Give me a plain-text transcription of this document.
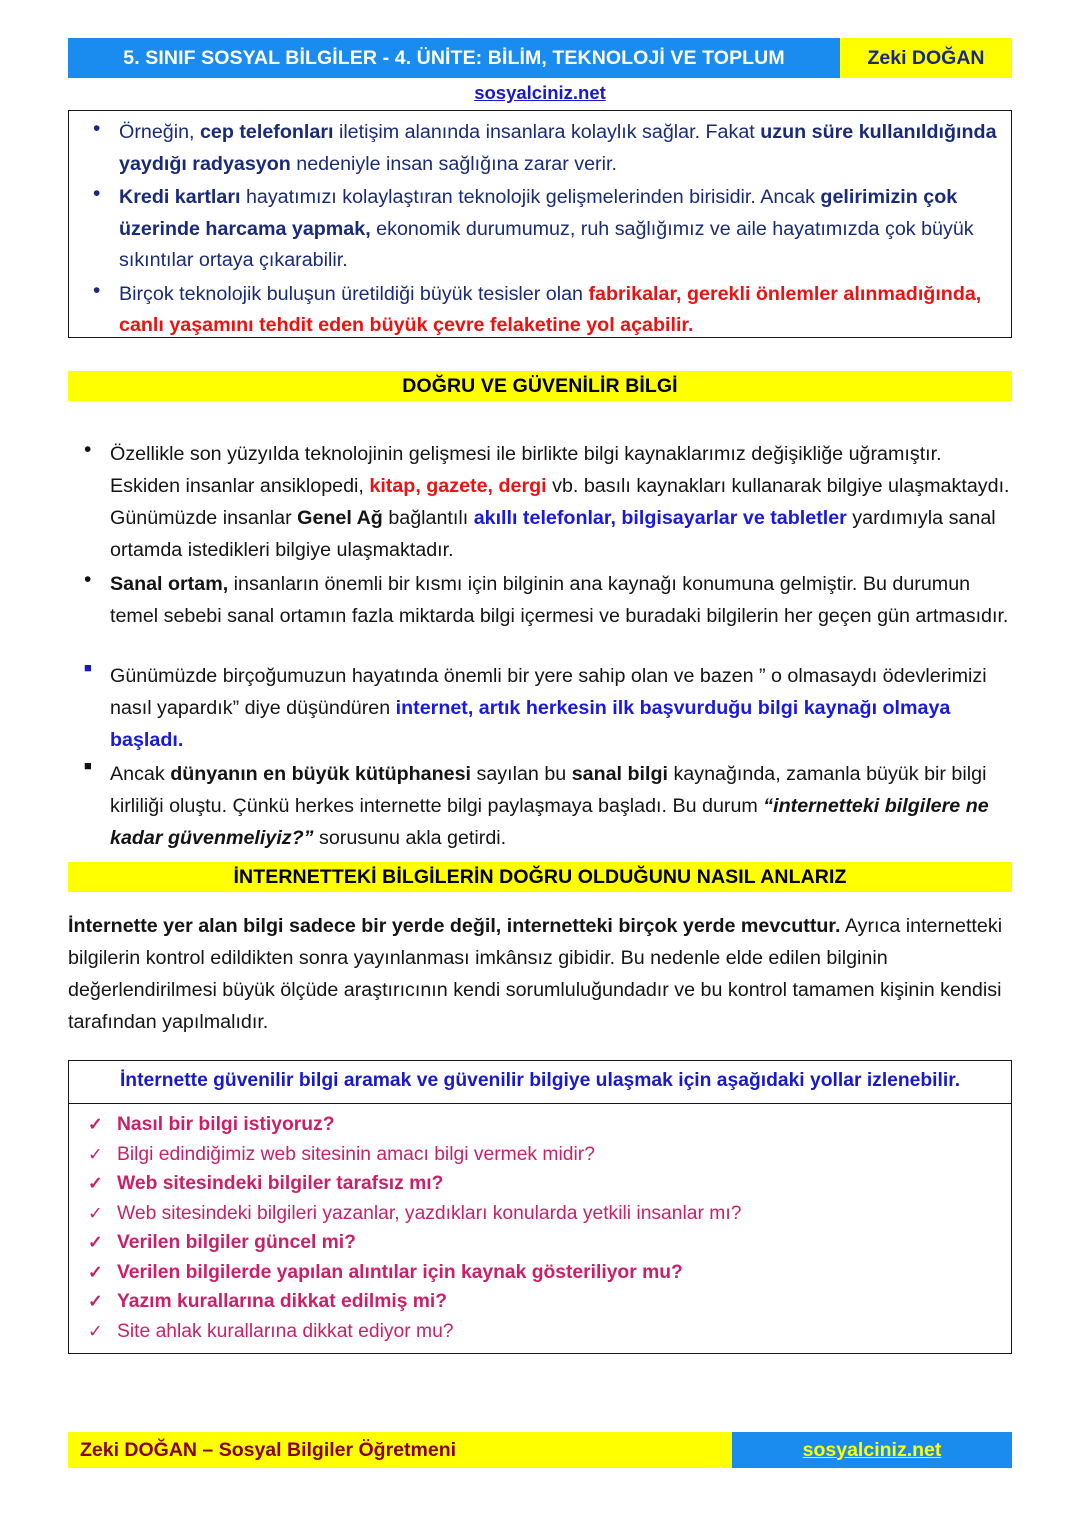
5. SINIF SOSYAL BİLGİLER - 4. ÜNİTE: BİLİM, TEKNOLOJİ VE TOPLUM	Zeki DOĞAN
sosyalciniz.net
• Örneğin, cep telefonları iletişim alanında insanlara kolaylık sağlar. Fakat uzun süre kullanıldığında yaydığı radyasyon nedeniyle insan sağlığına zarar verir.
• Kredi kartları hayatımızı kolaylaştıran teknolojik gelişmelerinden birisidir. Ancak gelirimizin çok üzerinde harcama yapmak, ekonomik durumumuz, ruh sağlığımız ve aile hayatımızda çok büyük sıkıntılar ortaya çıkarabilir.
• Birçok teknolojik buluşun üretildiği büyük tesisler olan fabrikalar, gerekli önlemler alınmadığında, canlı yaşamını tehdit eden büyük çevre felaketine yol açabilir.
DOĞRU VE GÜVENİLİR BİLGİ
• Özellikle son yüzyılda teknolojinin gelişmesi ile birlikte bilgi kaynaklarımız değişikliğe uğramıştır. Eskiden insanlar ansiklopedi, kitap, gazete, dergi vb. basılı kaynakları kullanarak bilgiye ulaşmaktaydı. Günümüzde insanlar Genel Ağ bağlantılı akıllı telefonlar, bilgisayarlar ve tabletler yardımıyla sanal ortamda istedikleri bilgiye ulaşmaktadır.
• Sanal ortam, insanların önemli bir kısmı için bilginin ana kaynağı konumuna gelmiştir. Bu durumun temel sebebi sanal ortamın fazla miktarda bilgi içermesi ve buradaki bilgilerin her geçen gün artmasıdır.
■ Günümüzde birçoğumuzun hayatında önemli bir yere sahip olan ve bazen ” o olmasaydı ödevlerimizi nasıl yapardık” diye düşündüren internet, artık herkesin ilk başvurduğu bilgi kaynağı olmaya başladı.
■ Ancak dünyanın en büyük kütüphanesi sayılan bu sanal bilgi kaynağında, zamanla büyük bir bilgi kirliliği oluştu. Çünkü herkes internette bilgi paylaşmaya başladı. Bu durum “internetteki bilgilere ne kadar güvenmeliyiz?” sorusunu akla getirdi.
İNTERNETTEKİ BİLGİLERİN DOĞRU OLDUĞUNU NASIL ANLARIZ
İnternette yer alan bilgi sadece bir yerde değil, internetteki birçok yerde mevcuttur. Ayrıca internetteki bilgilerin kontrol edildikten sonra yayınlanması imkânsız gibidir. Bu nedenle elde edilen bilginin değerlendirilmesi büyük ölçüde araştırıcının kendi sorumluluğundadır ve bu kontrol tamamen kişinin kendisi tarafından yapılmalıdır.
İnternette güvenilir bilgi aramak ve güvenilir bilgiye ulaşmak için aşağıdaki yollar izlenebilir.
✓ Nasıl bir bilgi istiyoruz?
✓ Bilgi edindiğimiz web sitesinin amacı bilgi vermek midir?
✓ Web sitesindeki bilgiler tarafsız mı?
✓ Web sitesindeki bilgileri yazanlar, yazdıkları konularda yetkili insanlar mı?
✓ Verilen bilgiler güncel mi?
✓ Verilen bilgilerde yapılan alıntılar için kaynak gösteriliyor mu?
✓ Yazım kurallarına dikkat edilmiş mi?
✓ Site ahlak kurallarına dikkat ediyor mu?
Zeki DOĞAN – Sosyal Bilgiler Öğretmeni	sosyalciniz.net
